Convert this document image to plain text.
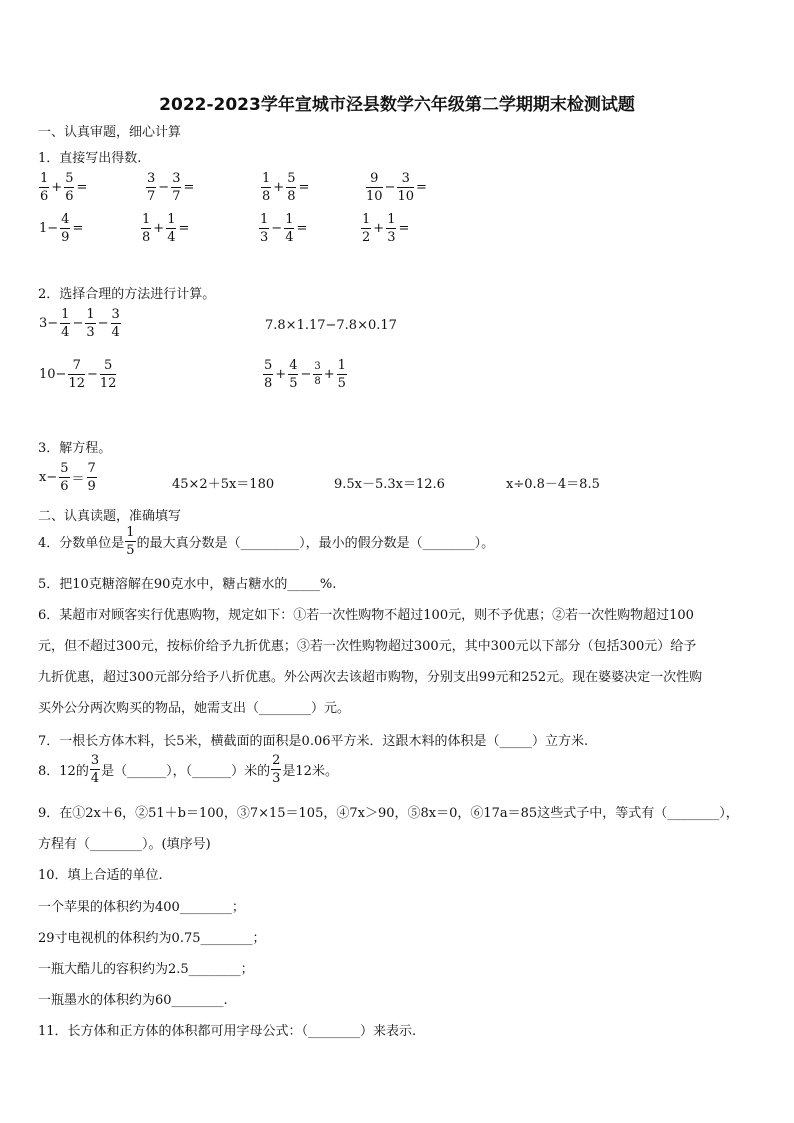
2022-2023学年宣城市泾县数学六年级第二学期期末检测试题
一、认真审题，细心计算
1．直接写出得数.
$\frac{1}{6} + \frac{5}{6}$ =	$\frac{3}{7} - \frac{3}{7}$ =	$\frac{1}{8} + \frac{5}{8}$ =	$\frac{9}{10} - \frac{3}{10}$ =
$1- \frac{4}{9}$ =	$\frac{1}{8} + \frac{1}{4}$ =	$\frac{1}{3} - \frac{1}{4}$ =	$\frac{1}{2} + \frac{1}{3}$ =
2．选择合理的方法进行计算。
$3- \frac{1}{4} - \frac{1}{3} - \frac{3}{4}$	7.8×1.17−7.8×0.17
$10- \frac{7}{12} - \frac{5}{12}$	$\frac{5}{8} + \frac{4}{5} - \frac{3}{8} + \frac{1}{5}$
3．解方程。
$x- \frac{5}{6} = \frac{7}{9}$	45×2＋5x＝180	9.5x－5.3x＝12.6	x÷0.8－4＝8.5
二、认真读题，准确填写
4．分数单位是 $\frac{1}{5}$ 的最大真分数是（_________），最小的假分数是（________）。
5．把10克糖溶解在90克水中，糖占糖水的_____%.
6．某超市对顾客实行优惠购物，规定如下：①若一次性购物不超过100元，则不予优惠；②若一次性购物超过100
元，但不超过300元，按标价给予九折优惠；③若一次性购物超过300元，其中300元以下部分（包括300元）给予
九折优惠，超过300元部分给予八折优惠。外公两次去该超市购物，分别支出99元和252元。现在婆婆决定一次性购
买外公分两次购买的物品，她需支出（________）元。
7．一根长方体木料，长5米，横截面的面积是0.06平方米．这跟木料的体积是（_____）立方米.
8．12的 $\frac{3}{4}$ 是（______），（______）米的 $\frac{2}{3}$ 是12米。
9．在①2x＋6，②51＋b＝100，③7×15＝105，④7x＞90，⑤8x＝0，⑥17a＝85这些式子中，等式有（________），
方程有（________）。(填序号)
10．填上合适的单位.
一个苹果的体积约为400________；
29寸电视机的体积约为0.75________；
一瓶大酷儿的容积约为2.5________；
一瓶墨水的体积约为60________.
11．长方体和正方体的体积都可用字母公式：（________）来表示.
